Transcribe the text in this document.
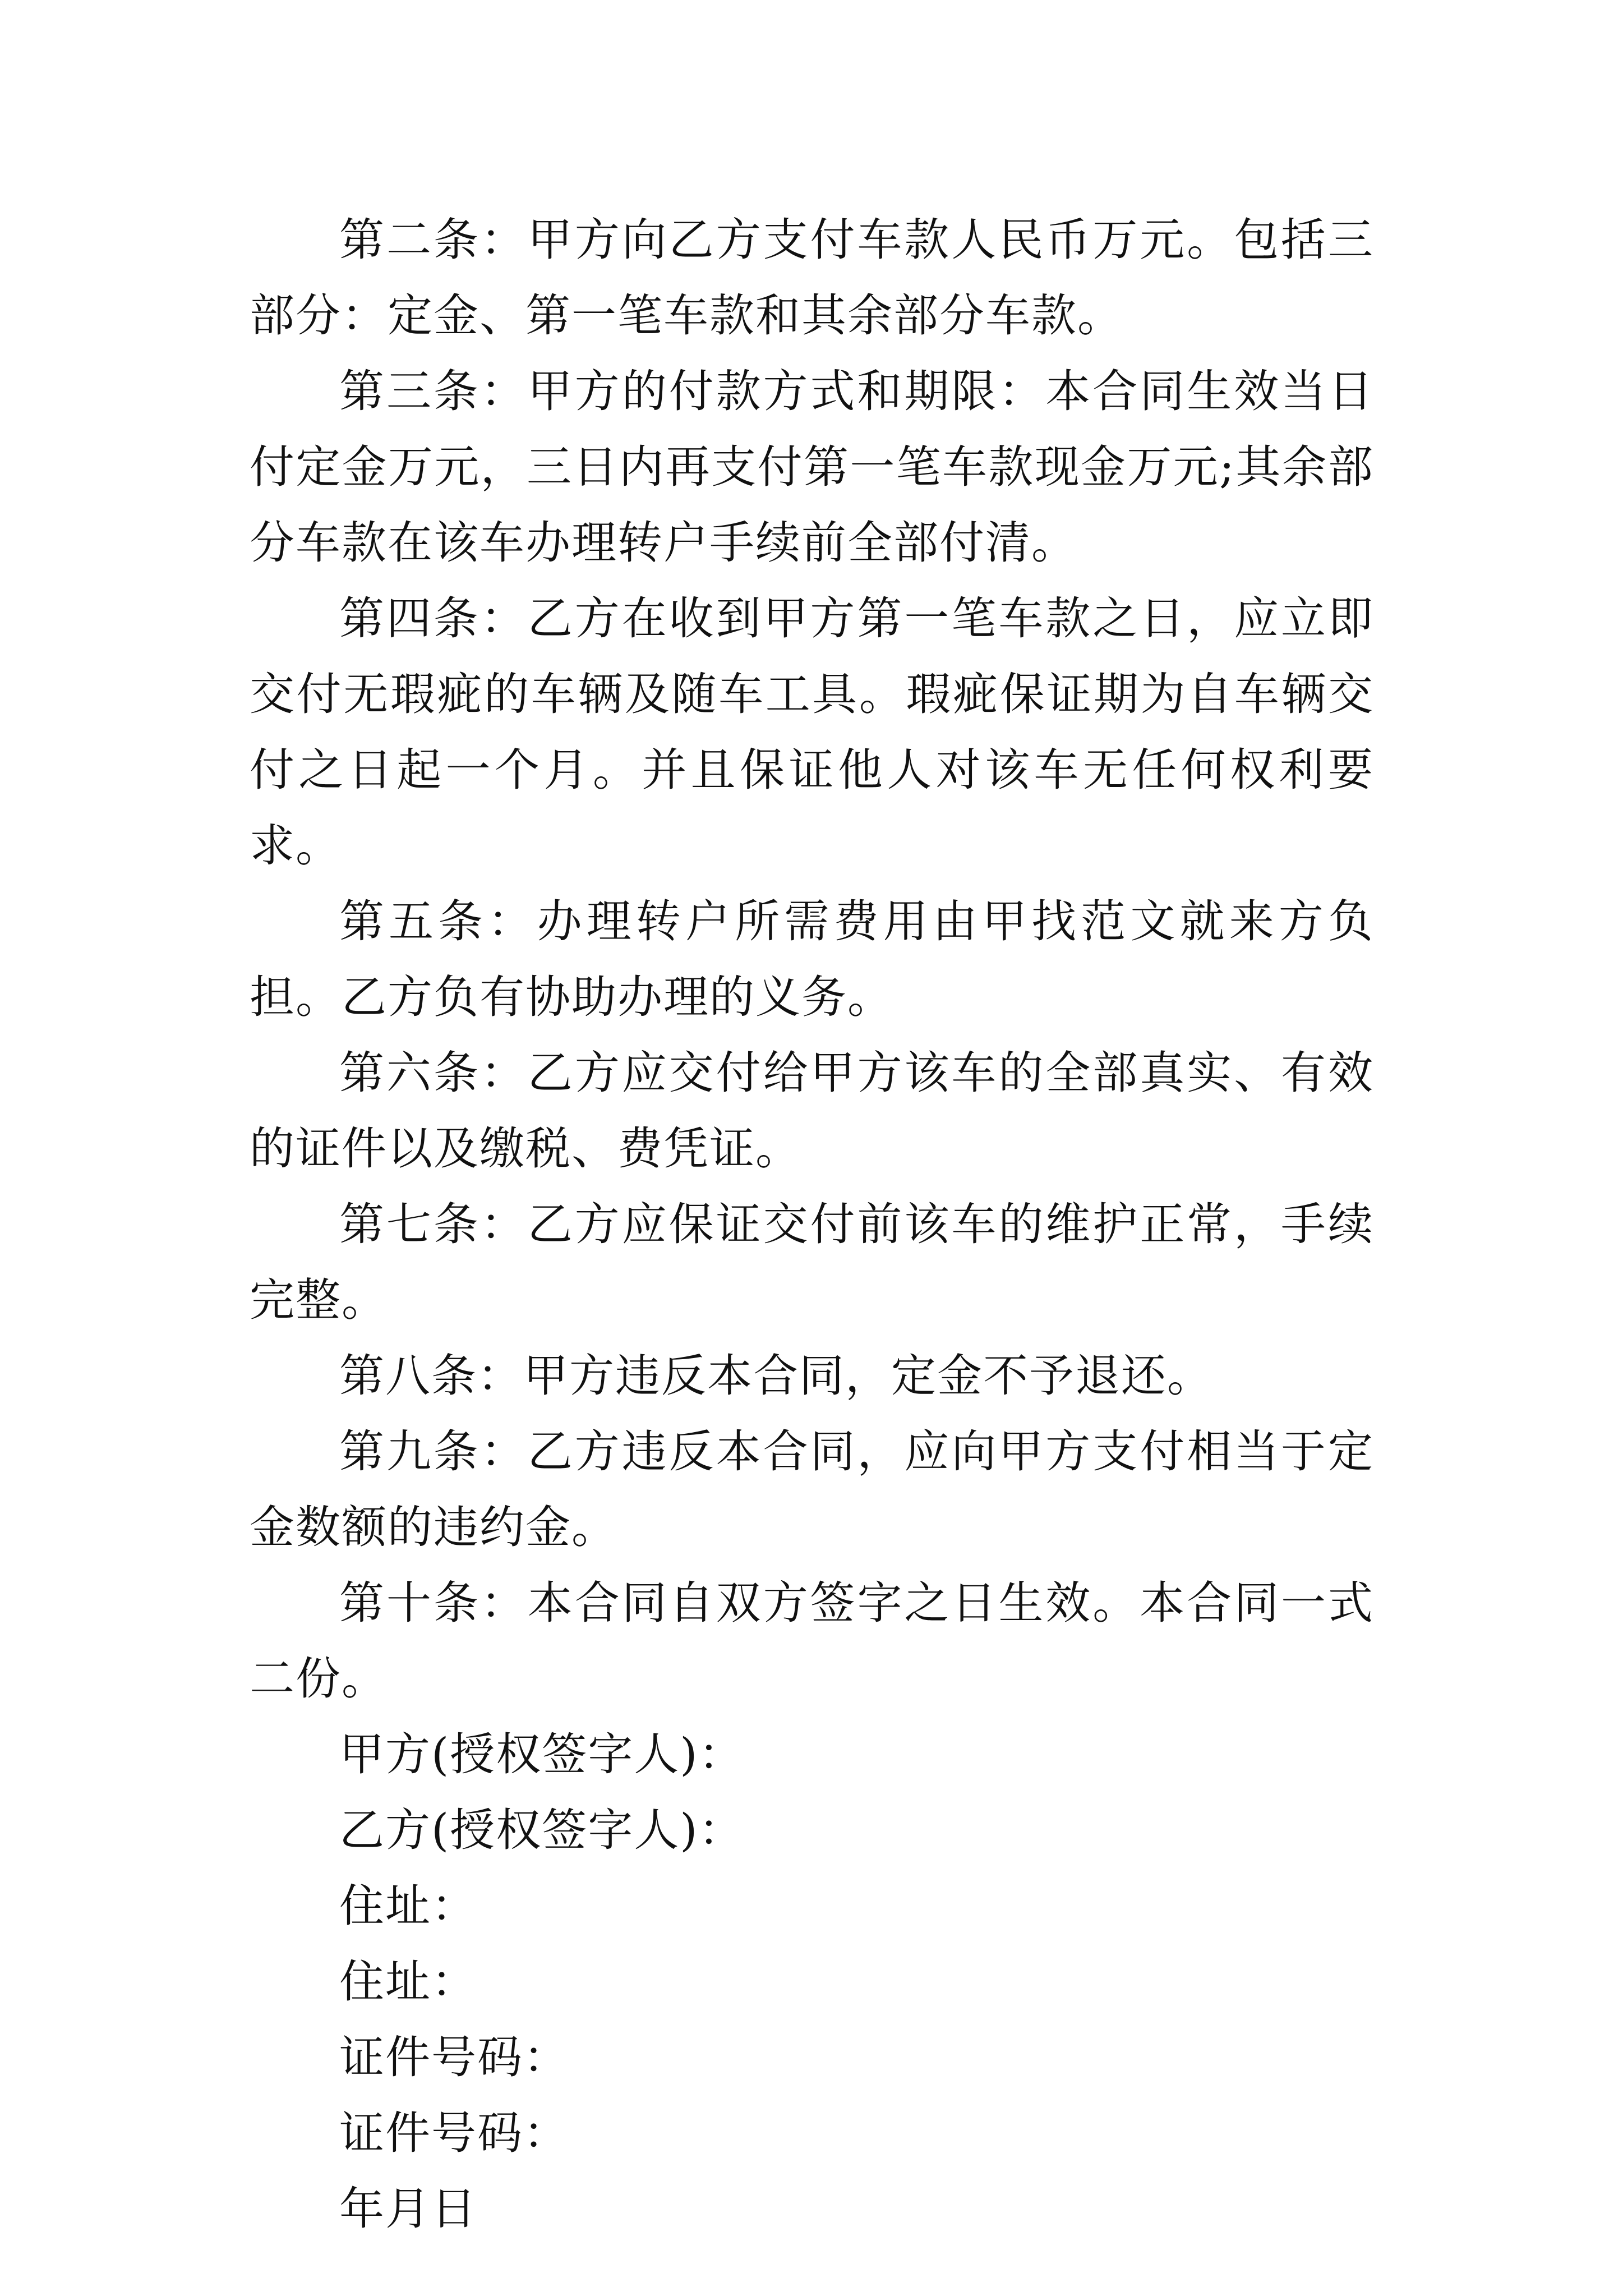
第二条：甲方向乙方支付车款人民币万元。包括三部分：定金、第一笔车款和其余部分车款。

第三条：甲方的付款方式和期限：本合同生效当日付定金万元，三日内再支付第一笔车款现金万元;其余部分车款在该车办理转户手续前全部付清。

第四条：乙方在收到甲方第一笔车款之日，应立即交付无瑕疵的车辆及随车工具。瑕疵保证期为自车辆交付之日起一个月。并且保证他人对该车无任何权利要求。

第五条：办理转户所需费用由甲找范文就来方负担。乙方负有协助办理的义务。

第六条：乙方应交付给甲方该车的全部真实、有效的证件以及缴税、费凭证。

第七条：乙方应保证交付前该车的维护正常，手续完整。

第八条：甲方违反本合同，定金不予退还。

第九条：乙方违反本合同，应向甲方支付相当于定金数额的违约金。

第十条：本合同自双方签字之日生效。本合同一式二份。

甲方(授权签字人)：

乙方(授权签字人)：

住址：

住址：

证件号码：

证件号码：

年月日
